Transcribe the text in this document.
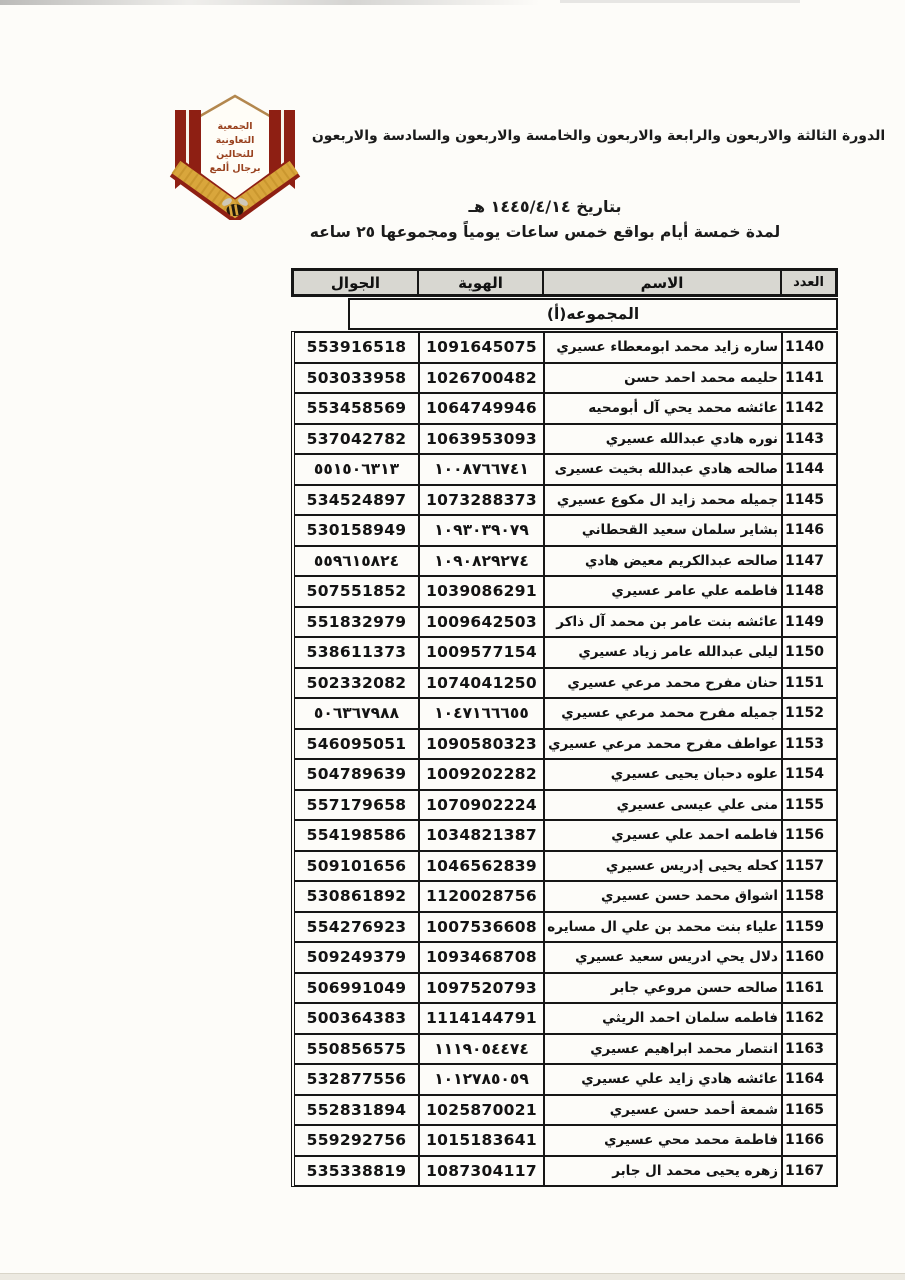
الجمعية
التعاونية
للنحالين
برجال ألمع
الدورة الثالثة والاربعون والرابعة والاربعون والخامسة والاربعون والسادسة والاربعون
بتاريخ ١٤٤٥/٤/١٤ هـ
لمدة خمسة أيام بواقع خمس ساعات يومياً ومجموعها ٢٥ ساعه
العدد
الاسم
الهوية
الجوال
المجموعه(أ)
1140
ساره زايد محمد ابومعطاء عسيري
1091645075
553916518
1141
حليمه محمد احمد حسن
1026700482
503033958
1142
عائشه محمد يحي آل أبومحيه
1064749946
553458569
1143
نوره هادي عبدالله عسيري
1063953093
537042782
1144
صالحه هادي عبدالله بخيت عسيرى
١٠٠٨٧٦٦٧٤١
٥٥١٥٠٦٣١٣
1145
جميله محمد زايد ال مكوع عسيري
1073288373
534524897
1146
بشاير سلمان سعيد القحطاني
١٠٩٣٠٣٩٠٧٩
530158949
1147
صالحه عبدالكريم معيض هادي
١٠٩٠٨٢٩٢٧٤
٥٥٩٦١٥٨٢٤
1148
فاطمه علي عامر عسيري
1039086291
507551852
1149
عائشه بنت عامر بن محمد آل ذاكر
1009642503
551832979
1150
ليلى عبدالله عامر زياد عسيري
1009577154
538611373
1151
حنان مفرح محمد مرعي عسيري
1074041250
502332082
1152
جميله مفرح محمد مرعي عسيري
١٠٤٧١٦٦٦٥٥
٥٠٦٣٦٧٩٨٨
1153
عواطف مفرح محمد مرعي عسيري
1090580323
546095051
1154
علوه دحبان يحيى عسيري
1009202282
504789639
1155
منى علي عيسى عسيري
1070902224
557179658
1156
فاطمه احمد علي عسيري
1034821387
554198586
1157
كحله يحيى إدريس عسيري
1046562839
509101656
1158
اشواق محمد حسن عسيري
1120028756
530861892
1159
علياء بنت محمد بن علي ال مسايره
1007536608
554276923
1160
دلال يحي ادريس سعيد عسيري
1093468708
509249379
1161
صالحه حسن مروعي جابر
1097520793
506991049
1162
فاطمه سلمان احمد الريثي
1114144791
500364383
1163
انتصار محمد ابراهيم عسيري
١١١٩٠٥٤٤٧٤
550856575
1164
عائشه هادي زايد علي عسيري
١٠١٢٧٨٥٠٥٩
532877556
1165
شمعة أحمد حسن عسيري
1025870021
552831894
1166
فاطمة محمد محي عسيري
1015183641
559292756
1167
زهره يحيى محمد ال جابر
1087304117
535338819
